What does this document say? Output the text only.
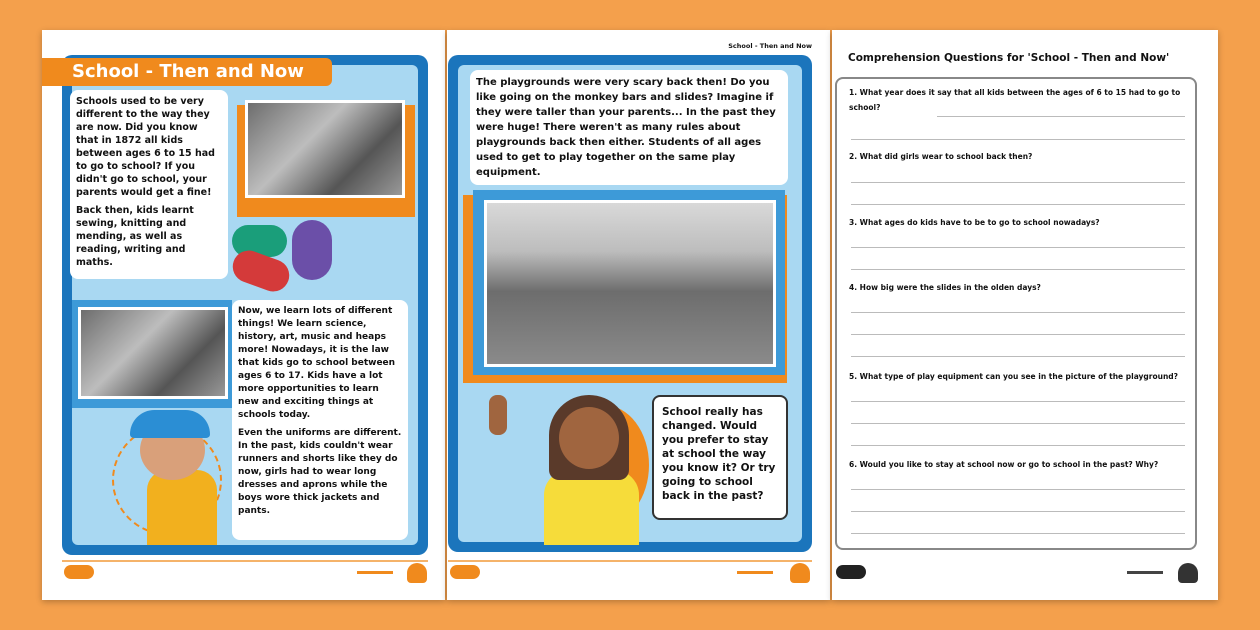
School - Then and Now

Schools used to be very different to the way they are now. Did you know that in 1872 all kids between ages 6 to 15 had to go to school? If you didn't go to school, your parents would get a fine!

Back then, kids learnt sewing, knitting and mending, as well as reading, writing and maths.

Now, we learn lots of different things! We learn science, history, art, music and heaps more! Nowadays, it is the law that kids go to school between ages 6 to 17. Kids have a lot more opportunities to learn new and exciting things at schools today.

Even the uniforms are different. In the past, kids couldn't wear runners and shorts like they do now, girls had to wear long dresses and aprons while the boys wore thick jackets and pants.

School - Then and Now
The playgrounds were very scary back then! Do you like going on the monkey bars and slides? Imagine if they were taller than your parents... In the past they were huge! There weren't as many rules about playgrounds back then either. Students of all ages used to get to play together on the same play equipment.
School really has changed. Would you prefer to stay at school the way you know it? Or try going to school back in the past?
Comprehension Questions for 'School - Then and Now'
1. What year does it say that all kids between the ages of 6 to 15 had to go to school?
2. What did girls wear to school back then?
3. What ages do kids have to be to go to school nowadays?
4. How big were the slides in the olden days?
5. What type of play equipment can you see in the picture of the playground?
6. Would you like to stay at school now or go to school in the past? Why?
